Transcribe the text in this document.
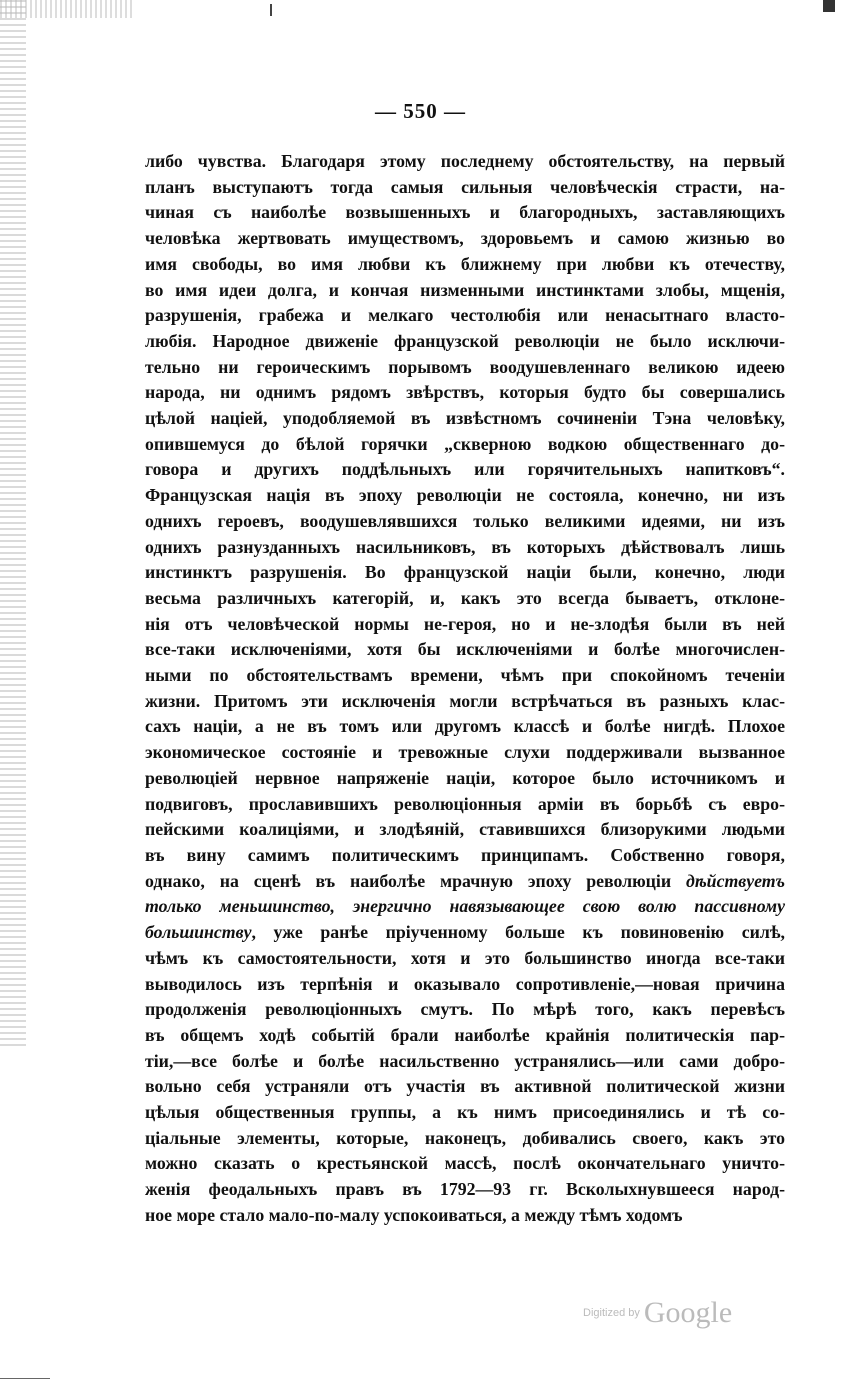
— 550 —
либо чувства. Благодаря этому последнему обстоятельству, на первый
планъ выступаютъ тогда самыя сильныя человѣческія страсти, на-
чиная съ наиболѣе возвышенныхъ и благородныхъ, заставляющихъ
человѣка жертвовать имуществомъ, здоровьемъ и самою жизнью во
имя свободы, во имя любви къ ближнему при любви къ отечеству,
во имя идеи долга, и кончая низменными инстинктами злобы, мщенія,
разрушенія, грабежа и мелкаго честолюбія или ненасытнаго власто-
любія. Народное движеніе французской революціи не было исключи-
тельно ни героическимъ порывомъ воодушевленнаго великою идеею
народа, ни однимъ рядомъ звѣрствъ, которыя будто бы совершались
цѣлой націей, уподобляемой въ извѣстномъ сочиненіи Тэна человѣку,
опившемуся до бѣлой горячки „скверною водкою общественнаго до-
говора и другихъ поддѣльныхъ или горячительныхъ напитковъ“.
Французская нація въ эпоху революціи не состояла, конечно, ни изъ
однихъ героевъ, воодушевлявшихся только великими идеями, ни изъ
однихъ разнузданныхъ насильниковъ, въ которыхъ дѣйствовалъ лишь
инстинктъ разрушенія. Во французской націи были, конечно, люди
весьма различныхъ категорій, и, какъ это всегда бываетъ, отклоне-
нія отъ человѣческой нормы не-героя, но и не-злодѣя были въ ней
все-таки исключеніями, хотя бы исключеніями и болѣе многочислен-
ными по обстоятельствамъ времени, чѣмъ при спокойномъ теченіи
жизни. Притомъ эти исключенія могли встрѣчаться въ разныхъ клас-
сахъ націи, а не въ томъ или другомъ классѣ и болѣе нигдѣ. Плохое
экономическое состояніе и тревожные слухи поддерживали вызванное
революціей нервное напряженіе націи, которое было источникомъ и
подвиговъ, прославившихъ революціонныя арміи въ борьбѣ съ евро-
пейскими коалиціями, и злодѣяній, ставившихся близорукими людьми
въ вину самимъ политическимъ принципамъ. Собственно говоря,
однако, на сценѣ въ наиболѣе мрачную эпоху революціи дѣйствуетъ
только меньшинство, энергично навязывающее свою волю пассивному
большинству, уже ранѣе пріученному больше къ повиновенію силѣ,
чѣмъ къ самостоятельности, хотя и это большинство иногда все-таки
выводилось изъ терпѣнія и оказывало сопротивленіе,—новая причина
продолженія революціонныхъ смутъ. По мѣрѣ того, какъ перевѣсъ
въ общемъ ходѣ событій брали наиболѣе крайнія политическія пар-
тіи,—все болѣе и болѣе насильственно устранялись—или сами добро-
вольно себя устраняли отъ участія въ активной политической жизни
цѣлыя общественныя группы, а къ нимъ присоединялись и тѣ со-
ціальные элементы, которые, наконецъ, добивались своего, какъ это
можно сказать о крестьянской массѣ, послѣ окончательнаго уничто-
женія феодальныхъ правъ въ 1792—93 гг. Всколыхнувшееся народ-
ное море стало мало-по-малу успокоиваться, а между тѣмъ ходомъ
Digitized by Google
